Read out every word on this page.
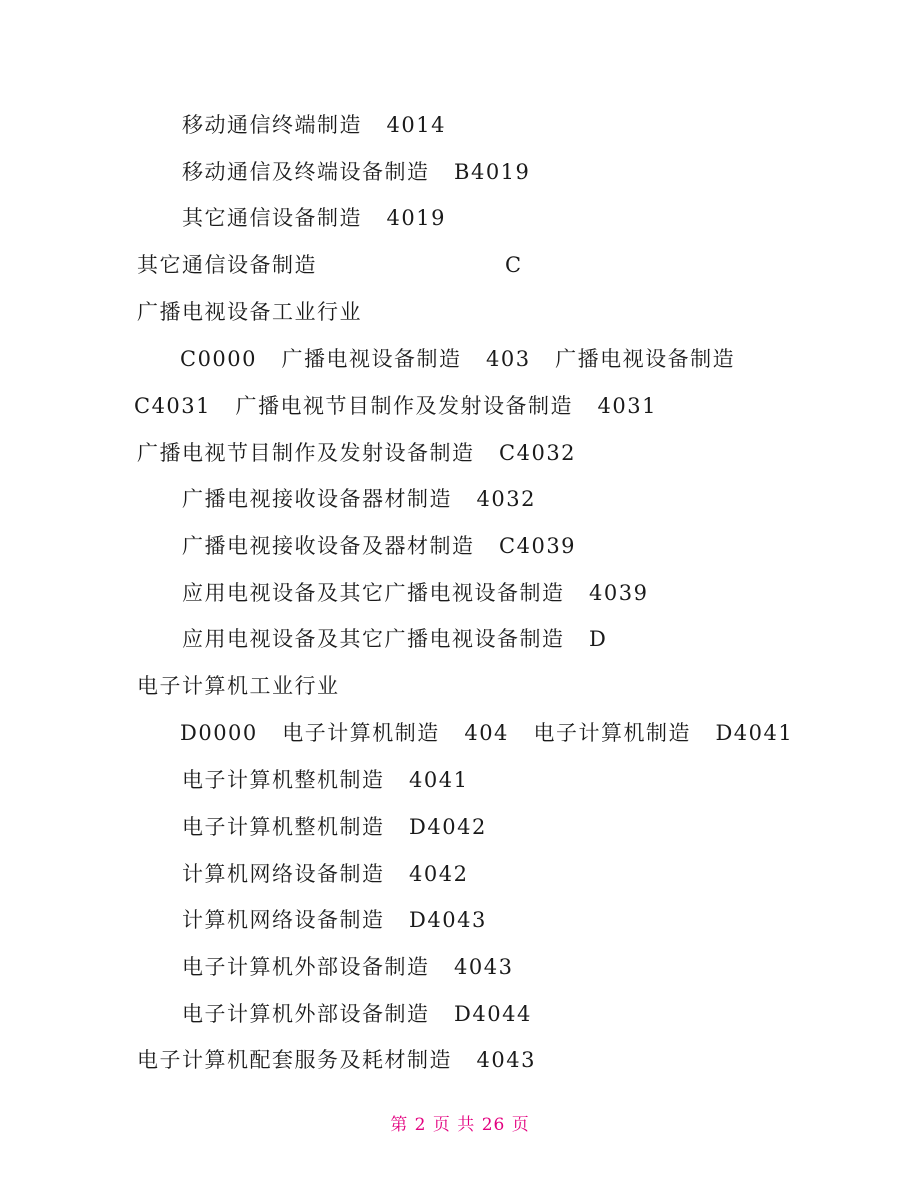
移动通信终端制造   4014
移动通信及终端设备制造   B4019
其它通信设备制造   4019
其它通信设备制造                       C
广播电视设备工业行业
C0000   广播电视设备制造   403   广播电视设备制造
C4031   广播电视节目制作及发射设备制造   4031
广播电视节目制作及发射设备制造   C4032
广播电视接收设备器材制造   4032
广播电视接收设备及器材制造   C4039
应用电视设备及其它广播电视设备制造   4039
应用电视设备及其它广播电视设备制造   D
电子计算机工业行业
D0000   电子计算机制造   404   电子计算机制造   D4041
电子计算机整机制造   4041
电子计算机整机制造   D4042
计算机网络设备制造   4042
计算机网络设备制造   D4043
电子计算机外部设备制造   4043
电子计算机外部设备制造   D4044
电子计算机配套服务及耗材制造   4043
第 2 页 共 26 页
